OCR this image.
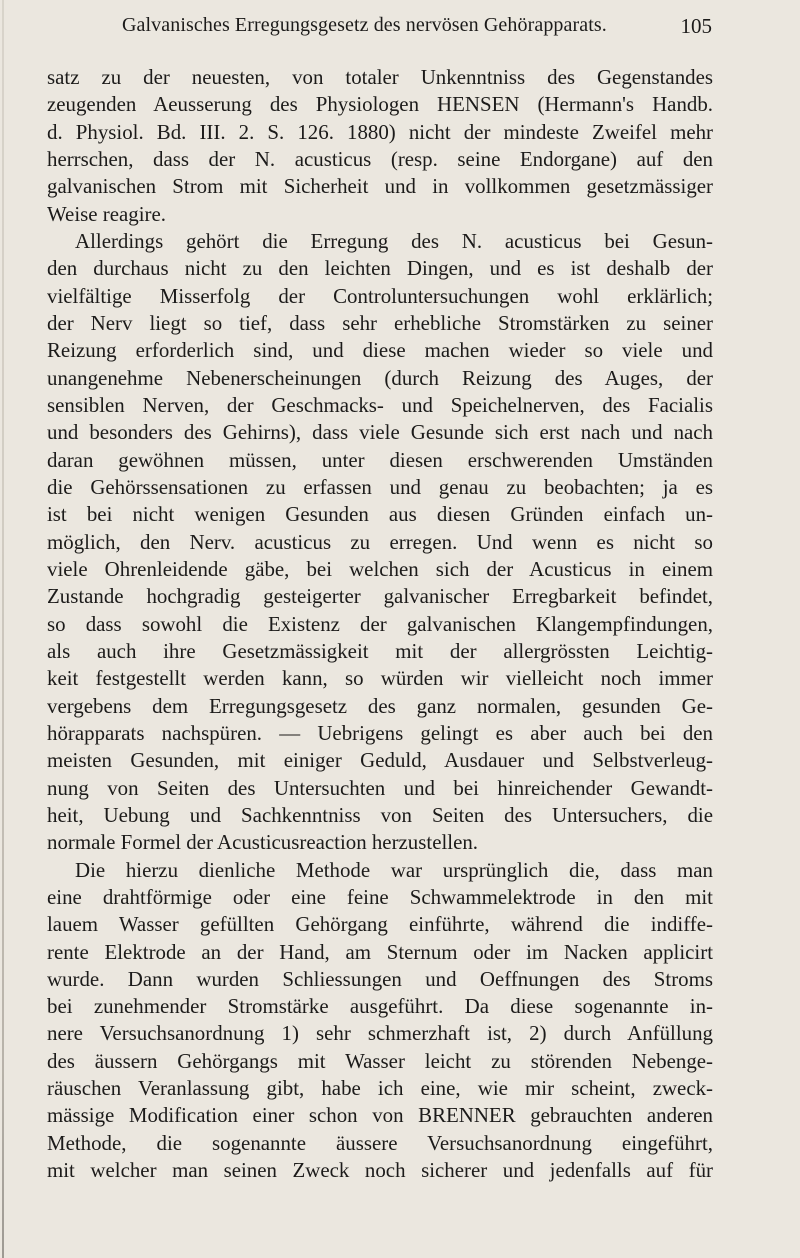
Galvanisches Erregungsgesetz des nervösen Gehörapparats.	105
satz zu der neuesten, von totaler Unkenntniss des Gegenstandes
zeugenden Aeusserung des Physiologen HENSEN (Hermann's Handb.
d. Physiol. Bd. III. 2. S. 126. 1880) nicht der mindeste Zweifel mehr
herrschen, dass der N. acusticus (resp. seine Endorgane) auf den
galvanischen Strom mit Sicherheit und in vollkommen gesetzmässiger
Weise reagire.
Allerdings gehört die Erregung des N. acusticus bei Gesun-
den durchaus nicht zu den leichten Dingen, und es ist deshalb der
vielfältige Misserfolg der Controluntersuchungen wohl erklärlich;
der Nerv liegt so tief, dass sehr erhebliche Stromstärken zu seiner
Reizung erforderlich sind, und diese machen wieder so viele und
unangenehme Nebenerscheinungen (durch Reizung des Auges, der
sensiblen Nerven, der Geschmacks- und Speichelnerven, des Facialis
und besonders des Gehirns), dass viele Gesunde sich erst nach und nach
daran gewöhnen müssen, unter diesen erschwerenden Umständen
die Gehörssensationen zu erfassen und genau zu beobachten; ja es
ist bei nicht wenigen Gesunden aus diesen Gründen einfach un-
möglich, den Nerv. acusticus zu erregen. Und wenn es nicht so
viele Ohrenleidende gäbe, bei welchen sich der Acusticus in einem
Zustande hochgradig gesteigerter galvanischer Erregbarkeit befindet,
so dass sowohl die Existenz der galvanischen Klangempfindungen,
als auch ihre Gesetzmässigkeit mit der allergrössten Leichtig-
keit festgestellt werden kann, so würden wir vielleicht noch immer
vergebens dem Erregungsgesetz des ganz normalen, gesunden Ge-
hörapparats nachspüren. — Uebrigens gelingt es aber auch bei den
meisten Gesunden, mit einiger Geduld, Ausdauer und Selbstverleug-
nung von Seiten des Untersuchten und bei hinreichender Gewandt-
heit, Uebung und Sachkenntniss von Seiten des Untersuchers, die
normale Formel der Acusticusreaction herzustellen.
Die hierzu dienliche Methode war ursprünglich die, dass man
eine drahtförmige oder eine feine Schwammelektrode in den mit
lauem Wasser gefüllten Gehörgang einführte, während die indiffe-
rente Elektrode an der Hand, am Sternum oder im Nacken applicirt
wurde. Dann wurden Schliessungen und Oeffnungen des Stroms
bei zunehmender Stromstärke ausgeführt. Da diese sogenannte in-
nere Versuchsanordnung 1) sehr schmerzhaft ist, 2) durch Anfüllung
des äussern Gehörgangs mit Wasser leicht zu störenden Nebenge-
räuschen Veranlassung gibt, habe ich eine, wie mir scheint, zweck-
mässige Modification einer schon von BRENNER gebrauchten anderen
Methode, die sogenannte äussere Versuchsanordnung eingeführt,
mit welcher man seinen Zweck noch sicherer und jedenfalls auf für
